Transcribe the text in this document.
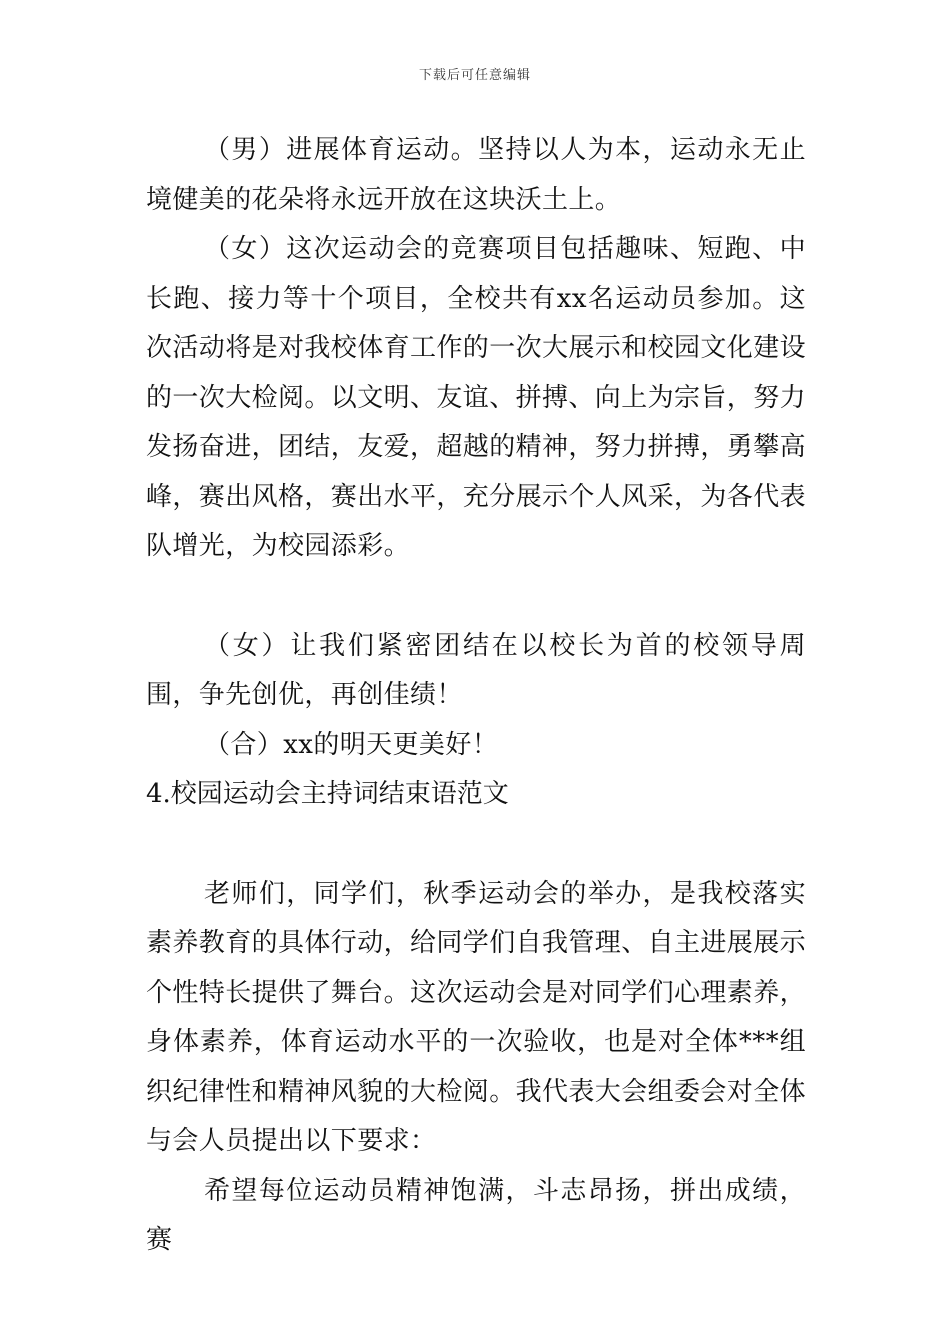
下载后可任意编辑

（男）进展体育运动。坚持以人为本，运动永无止境健美的花朵将永远开放在这块沃土上。

（女）这次运动会的竞赛项目包括趣味、短跑、中长跑、接力等十个项目，全校共有xx名运动员参加。这次活动将是对我校体育工作的一次大展示和校园文化建设的一次大检阅。以文明、友谊、拼搏、向上为宗旨，努力发扬奋进，团结，友爱，超越的精神，努力拼搏，勇攀高峰，赛出风格，赛出水平，充分展示个人风采，为各代表队增光，为校园添彩。

（女）让我们紧密团结在以校长为首的校领导周围，争先创优，再创佳绩！

（合）xx的明天更美好！

4.校园运动会主持词结束语范文

老师们，同学们，秋季运动会的举办，是我校落实素养教育的具体行动，给同学们自我管理、自主进展展示个性特长提供了舞台。这次运动会是对同学们心理素养，身体素养，体育运动水平的一次验收，也是对全体***组织纪律性和精神风貌的大检阅。我代表大会组委会对全体与会人员提出以下要求：

希望每位运动员精神饱满，斗志昂扬，拼出成绩，赛
